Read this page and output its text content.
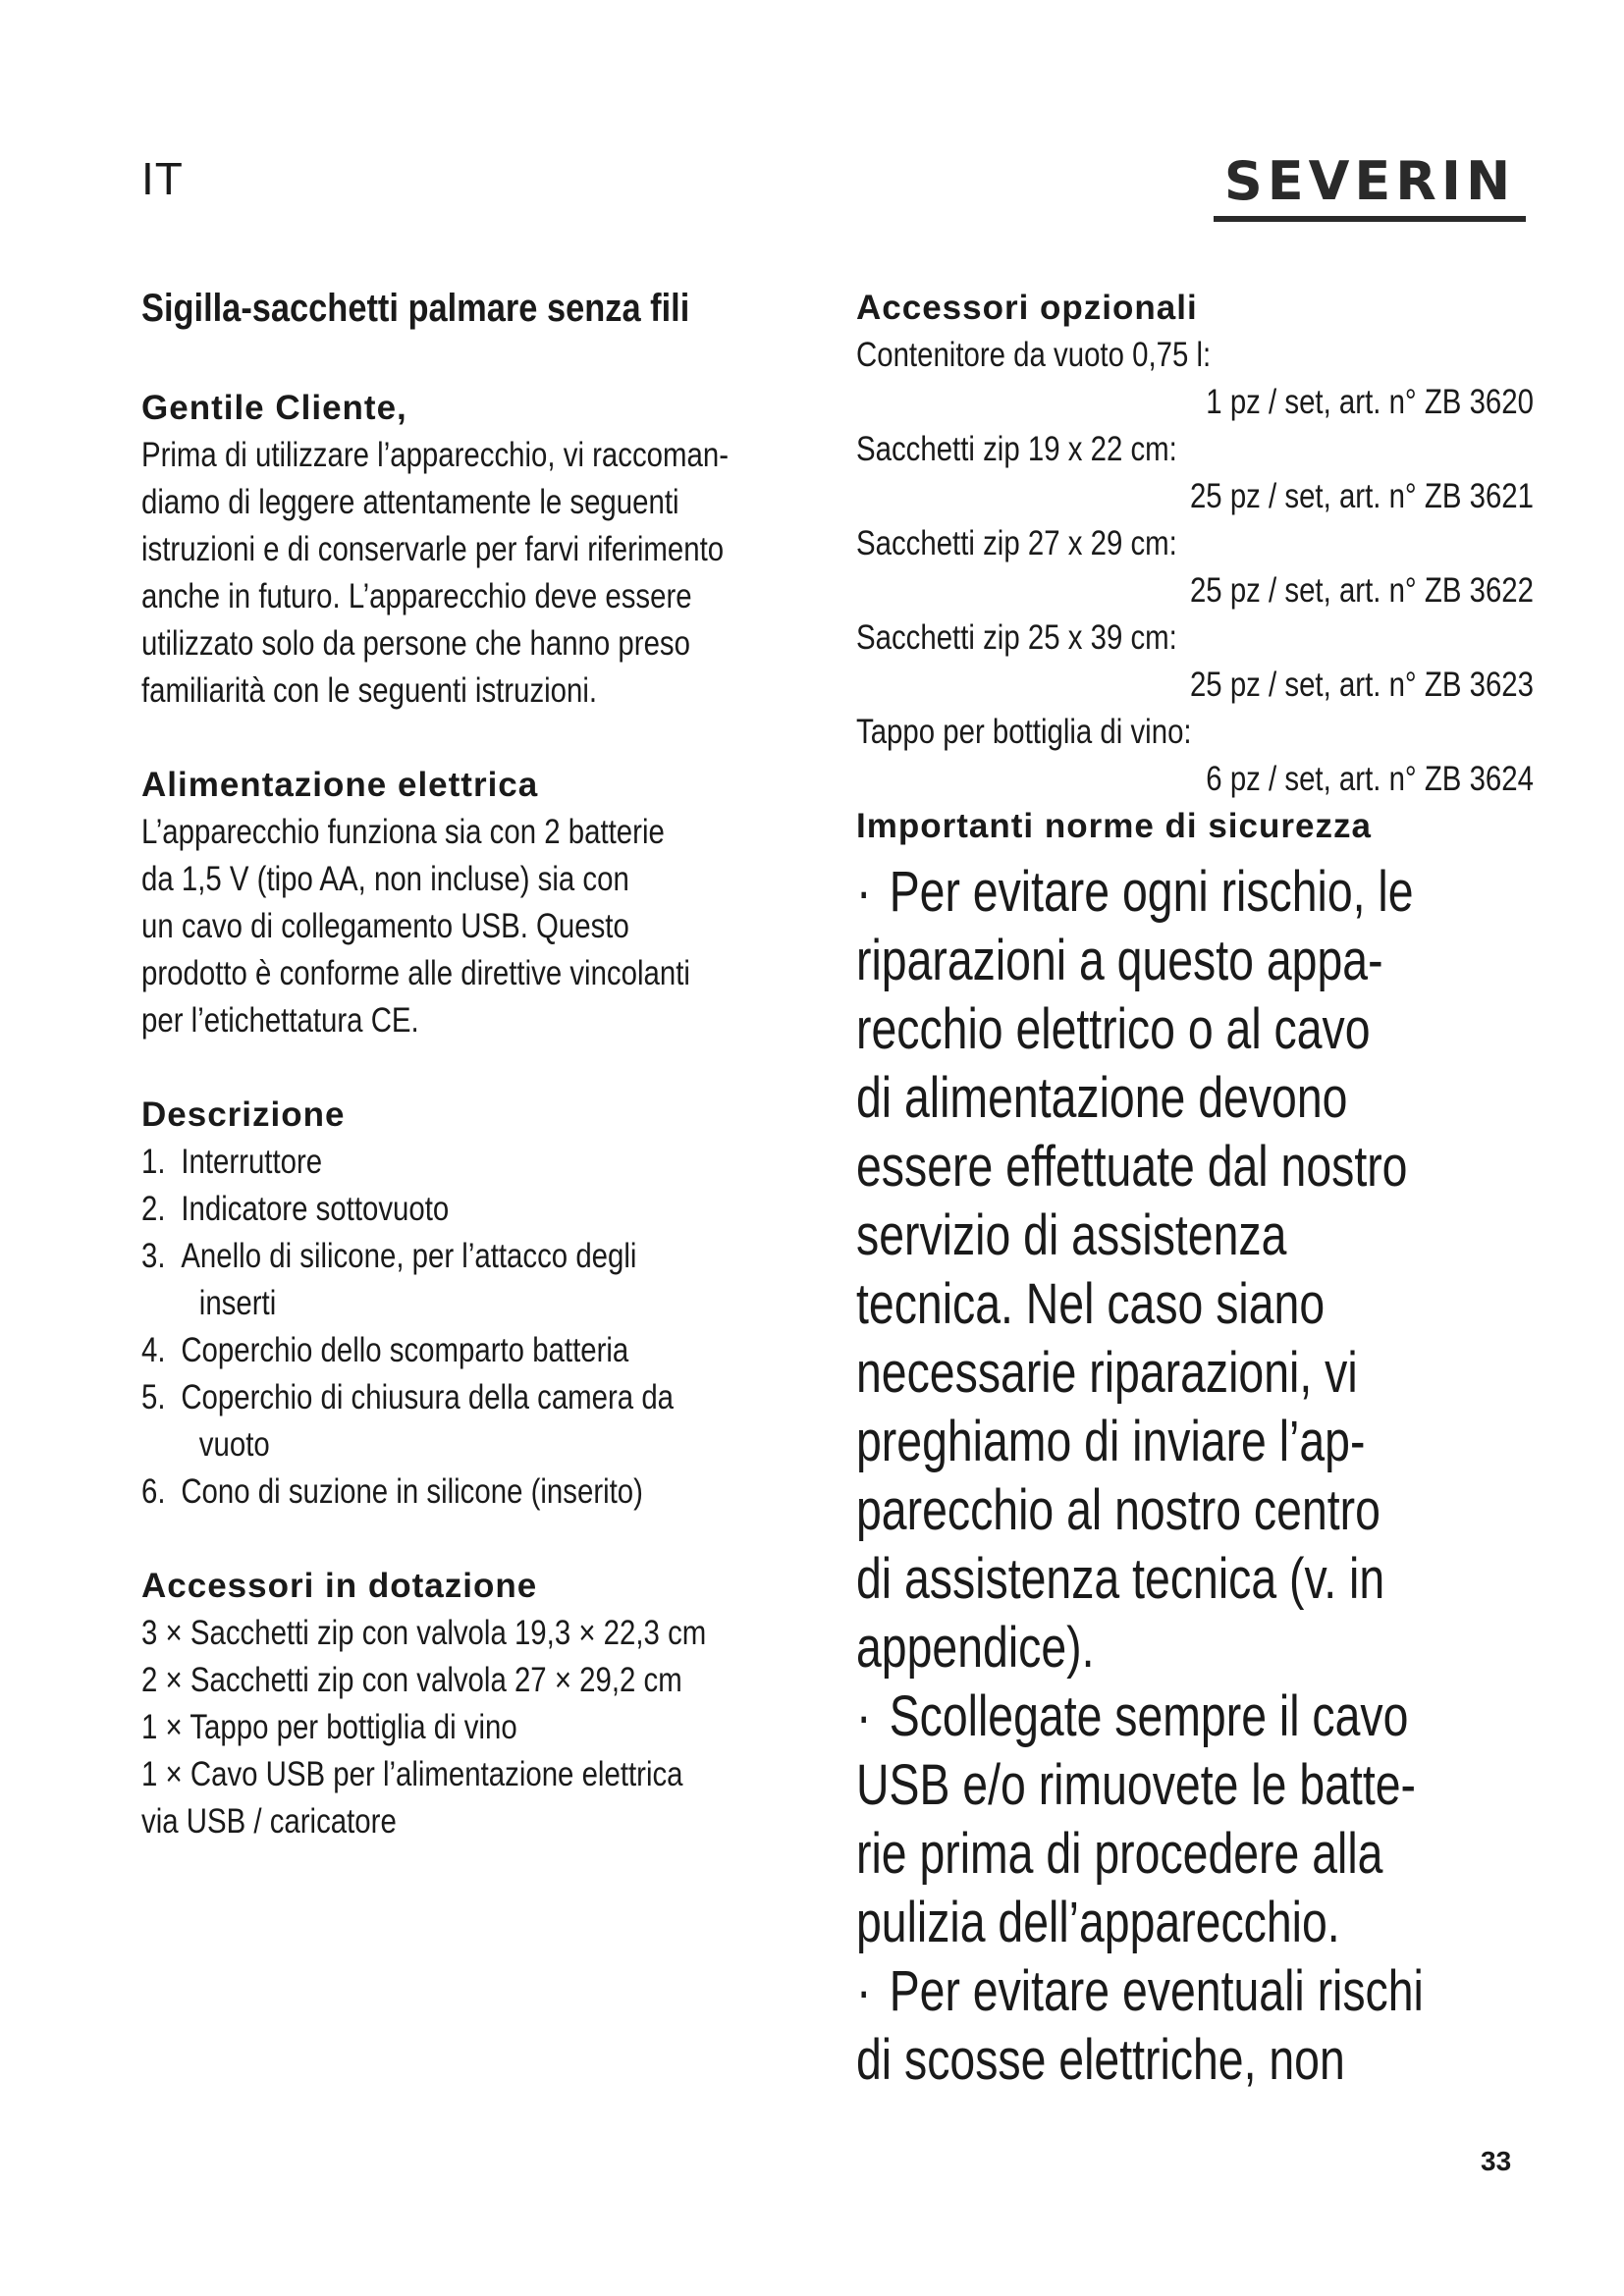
IT	SEVERIN
Sigilla-sacchetti palmare senza fili
Gentile Cliente,
Prima di utilizzare l’apparecchio, vi raccoman-
diamo di leggere attentamente le seguenti
istruzioni e di conservarle per farvi riferimento
anche in futuro. L’apparecchio deve essere
utilizzato solo da persone che hanno preso
familiarità con le seguenti istruzioni.
Alimentazione elettrica
L’apparecchio funziona sia con 2 batterie
da 1,5 V (tipo AA, non incluse) sia con
un cavo di collegamento USB. Questo
prodotto è conforme alle direttive vincolanti
per l’etichettatura CE.
Descrizione
1. Interruttore
2. Indicatore sottovuoto
3. Anello di silicone, per l’attacco degli
inserti
4. Coperchio dello scomparto batteria
5. Coperchio di chiusura della camera da
vuoto
6. Cono di suzione in silicone (inserito)
Accessori in dotazione
3 × Sacchetti zip con valvola 19,3 × 22,3 cm
2 × Sacchetti zip con valvola 27 × 29,2 cm
1 × Tappo per bottiglia di vino
1 × Cavo USB per l’alimentazione elettrica
via USB / caricatore
Accessori opzionali
Contenitore da vuoto 0,75 l:
1 pz / set, art. n° ZB 3620
Sacchetti zip 19 x 22 cm:
25 pz / set, art. n° ZB 3621
Sacchetti zip 27 x 29 cm:
25 pz / set, art. n° ZB 3622
Sacchetti zip 25 x 39 cm:
25 pz / set, art. n° ZB 3623
Tappo per bottiglia di vino:
6 pz / set, art. n° ZB 3624
Importanti norme di sicurezza
· Per evitare ogni rischio, le
riparazioni a questo appa-
recchio elettrico o al cavo
di alimentazione devono
essere effettuate dal nostro
servizio di assistenza
tecnica. Nel caso siano
necessarie riparazioni, vi
preghiamo di inviare l’ap-
parecchio al nostro centro
di assistenza tecnica (v. in
appendice).
· Scollegate sempre il cavo
USB e/o rimuovete le batte-
rie prima di procedere alla
pulizia dell’apparecchio.
· Per evitare eventuali rischi
di scosse elettriche, non
33
